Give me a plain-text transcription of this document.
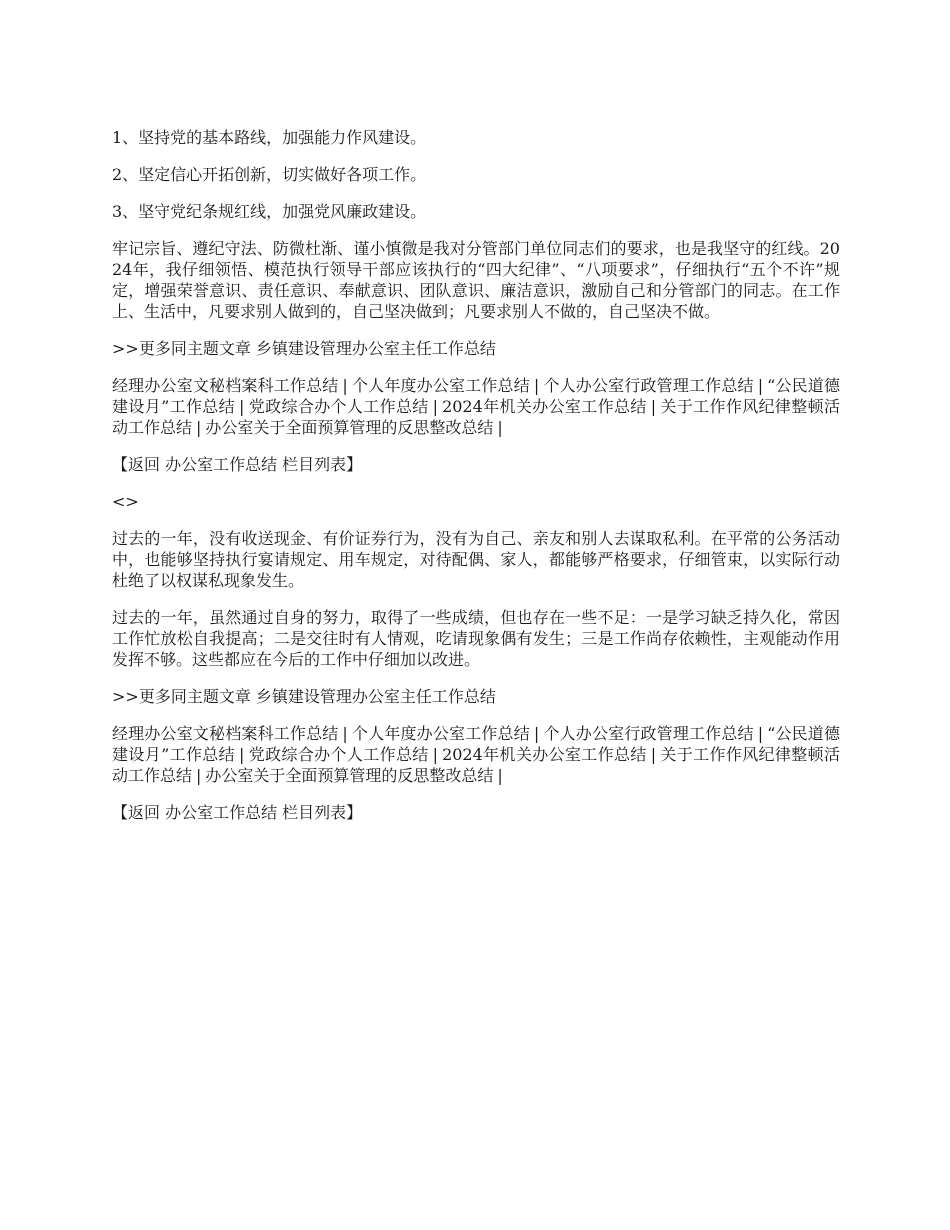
1、坚持党的基本路线，加强能力作风建设。

2、坚定信心开拓创新，切实做好各项工作。

3、坚守党纪条规红线，加强党风廉政建设。

牢记宗旨、遵纪守法、防微杜渐、谨小慎微是我对分管部门单位同志们的要求，也是我坚守的红线。2024年，我仔细领悟、模范执行领导干部应该执行的“四大纪律”、“八项要求”，仔细执行“五个不许”规定，增强荣誉意识、责任意识、奉献意识、团队意识、廉洁意识，激励自己和分管部门的同志。在工作上、生活中，凡要求别人做到的，自己坚决做到；凡要求别人不做的，自己坚决不做。

>>更多同主题文章 乡镇建设管理办公室主任工作总结

经理办公室文秘档案科工作总结 | 个人年度办公室工作总结 | 个人办公室行政管理工作总结 | “公民道德建设月”工作总结 | 党政综合办个人工作总结 | 2024年机关办公室工作总结 | 关于工作作风纪律整顿活动工作总结 | 办公室关于全面预算管理的反思整改总结 |

【返回 办公室工作总结 栏目列表】

<>

过去的一年，没有收送现金、有价证券行为，没有为自己、亲友和别人去谋取私利。在平常的公务活动中，也能够坚持执行宴请规定、用车规定，对待配偶、家人，都能够严格要求，仔细管束，以实际行动杜绝了以权谋私现象发生。

过去的一年，虽然通过自身的努力，取得了一些成绩，但也存在一些不足：一是学习缺乏持久化，常因工作忙放松自我提高；二是交往时有人情观，吃请现象偶有发生；三是工作尚存依赖性，主观能动作用发挥不够。这些都应在今后的工作中仔细加以改进。

>>更多同主题文章 乡镇建设管理办公室主任工作总结

经理办公室文秘档案科工作总结 | 个人年度办公室工作总结 | 个人办公室行政管理工作总结 | “公民道德建设月”工作总结 | 党政综合办个人工作总结 | 2024年机关办公室工作总结 | 关于工作作风纪律整顿活动工作总结 | 办公室关于全面预算管理的反思整改总结 |

【返回 办公室工作总结 栏目列表】
